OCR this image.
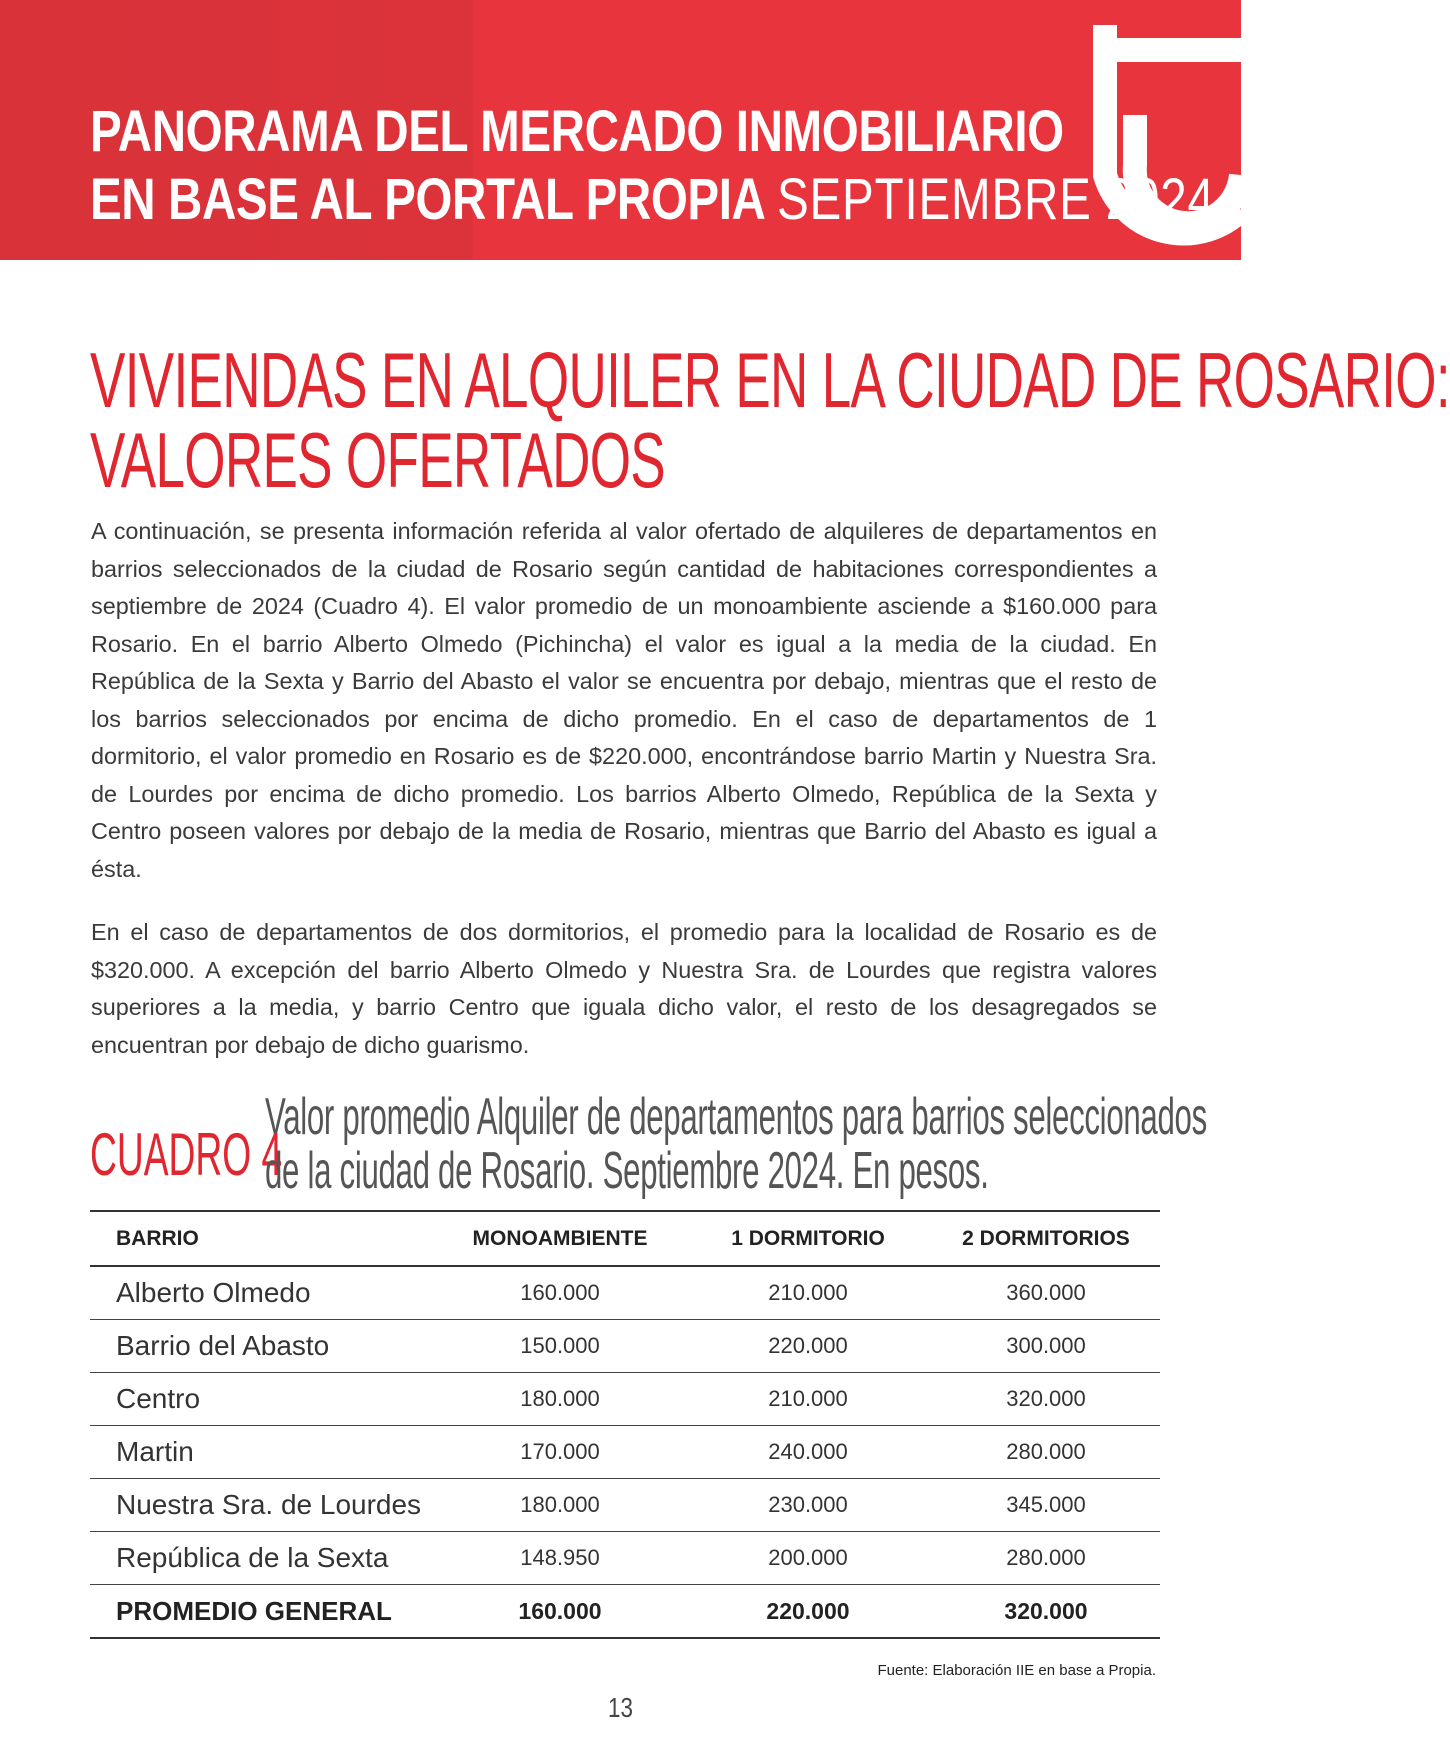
PANORAMA DEL MERCADO INMOBILIARIO
EN BASE AL PORTAL PROPIA SEPTIEMBRE 2024
VIVIENDAS EN ALQUILER EN LA CIUDAD DE ROSARIO:
VALORES OFERTADOS

A continuación, se presenta información referida al valor ofertado de alquileres de departamentos en barrios seleccionados de la ciudad de Rosario según cantidad de habitaciones correspondientes a septiembre de 2024 (Cuadro 4). El valor promedio de un monoambiente asciende a $160.000 para Rosario. En el barrio Alberto Olmedo (Pichincha) el valor es igual a la media de la ciudad. En República de la Sexta y Barrio del Abasto el valor se encuentra por debajo, mientras que el resto de los barrios seleccionados por encima de dicho promedio. En el caso de departamentos de 1 dormitorio, el valor promedio en Rosario es de $220.000, encontrándose barrio Martin y Nuestra Sra. de Lourdes por encima de dicho promedio. Los barrios Alberto Olmedo, República de la Sexta y Centro poseen valores por debajo de la media de Rosario, mientras que Barrio del Abasto es igual a ésta.

En el caso de departamentos de dos dormitorios, el promedio para la localidad de Rosario es de $320.000. A excepción del barrio Alberto Olmedo y Nuestra Sra. de Lourdes que registra valores superiores a la media, y barrio Centro que iguala dicho valor, el resto de los desagregados se encuentran por debajo de dicho guarismo.

CUADRO 4
Valor promedio Alquiler de departamentos para barrios seleccionados
de la ciudad de Rosario. Septiembre 2024. En pesos.
BARRIO	MONOAMBIENTE	1 DORMITORIO	2 DORMITORIOS
Alberto Olmedo	160.000	210.000	360.000
Barrio del Abasto	150.000	220.000	300.000
Centro	180.000	210.000	320.000
Martin	170.000	240.000	280.000
Nuestra Sra. de Lourdes	180.000	230.000	345.000
República de la Sexta	148.950	200.000	280.000
PROMEDIO GENERAL	160.000	220.000	320.000
Fuente: Elaboración IIE en base a Propia.
13
